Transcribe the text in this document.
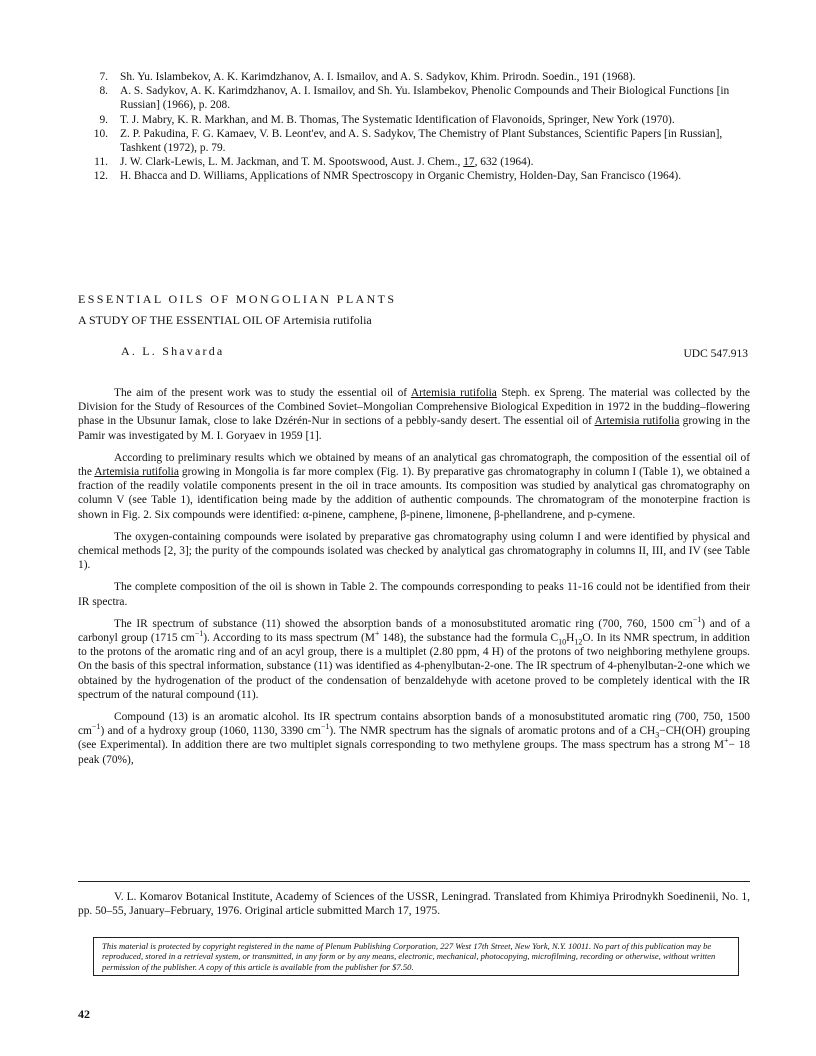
7.	Sh. Yu. Islambekov, A. K. Karimdzhanov, A. I. Ismailov, and A. S. Sadykov, Khim. Prirodn. Soedin., 191 (1968).
8.	A. S. Sadykov, A. K. Karimdzhanov, A. I. Ismailov, and Sh. Yu. Islambekov, Phenolic Compounds and Their Biological Functions [in Russian] (1966), p. 208.
9.	T. J. Mabry, K. R. Markhan, and M. B. Thomas, The Systematic Identification of Flavonoids, Springer, New York (1970).
10.	Z. P. Pakudina, F. G. Kamaev, V. B. Leont'ev, and A. S. Sadykov, The Chemistry of Plant Substances, Scientific Papers [in Russian], Tashkent (1972), p. 79.
11.	J. W. Clark-Lewis, L. M. Jackman, and T. M. Spootswood, Aust. J. Chem., 17, 632 (1964).
12.	H. Bhacca and D. Williams, Applications of NMR Spectroscopy in Organic Chemistry, Holden-Day, San Francisco (1964).
ESSENTIAL OILS OF MONGOLIAN PLANTS
A STUDY OF THE ESSENTIAL OIL OF Artemisia rutifolia
A. L. Shavarda	UDC 547.913

The aim of the present work was to study the essential oil of Artemisia rutifolia Steph. ex Spreng. The material was collected by the Division for the Study of Resources of the Combined Soviet–Mongolian Comprehensive Biological Expedition in 1972 in the budding–flowering phase in the Ubsunur Iamak, close to lake Dzérén-Nur in sections of a pebbly-sandy desert. The essential oil of Artemisia rutifolia growing in the Pamir was investigated by M. I. Goryaev in 1959 [1].

According to preliminary results which we obtained by means of an analytical gas chromatograph, the composition of the essential oil of the Artemisia rutifolia growing in Mongolia is far more complex (Fig. 1). By preparative gas chromatography in column I (Table 1), we obtained a fraction of the readily volatile components present in the oil in trace amounts. Its composition was studied by analytical gas chromatography on column V (see Table 1), identification being made by the addition of authentic compounds. The chromatogram of the monoterpine fraction is shown in Fig. 2. Six compounds were identified: α-pinene, camphene, β-pinene, limonene, β-phellandrene, and p-cymene.

The oxygen-containing compounds were isolated by preparative gas chromatography using column I and were identified by physical and chemical methods [2, 3]; the purity of the compounds isolated was checked by analytical gas chromatography in columns II, III, and IV (see Table 1).

The complete composition of the oil is shown in Table 2. The compounds corresponding to peaks 11-16 could not be identified from their IR spectra.

The IR spectrum of substance (11) showed the absorption bands of a monosubstituted aromatic ring (700, 760, 1500 $cm^{-1}$) and of a carbonyl group (1715 $cm^{-1}$). According to its mass spectrum (M+ 148), the substance had the formula $C_{10}H_{12}O$. In its NMR spectrum, in addition to the protons of the aromatic ring and of an acyl group, there is a multiplet (2.80 ppm, 4 H) of the protons of two neighboring methylene groups. On the basis of this spectral information, substance (11) was identified as 4-phenylbutan-2-one. The IR spectrum of 4-phenylbutan-2-one which we obtained by the hydrogenation of the product of the condensation of benzaldehyde with acetone proved to be completely identical with the IR spectrum of the natural compound (11).

Compound (13) is an aromatic alcohol. Its IR spectrum contains absorption bands of a monosubstituted aromatic ring (700, 750, 1500 $cm^{-1}$) and of a hydroxy group (1060, 1130, 3390 $cm^{-1}$). The NMR spectrum has the signals of aromatic protons and of a $CH_3-CH(OH)$ grouping (see Experimental). In addition there are two multiplet signals corresponding to two methylene groups. The mass spectrum has a strong M+− 18 peak (70%),

V. L. Komarov Botanical Institute, Academy of Sciences of the USSR, Leningrad. Translated from Khimiya Prirodnykh Soedinenii, No. 1, pp. 50–55, January–February, 1976. Original article submitted March 17, 1975.
This material is protected by copyright registered in the name of Plenum Publishing Corporation, 227 West 17th Street, New York, N.Y. 10011. No part of this publication may be reproduced, stored in a retrieval system, or transmitted, in any form or by any means, electronic, mechanical, photocopying, microfilming, recording or otherwise, without written permission of the publisher. A copy of this article is available from the publisher for $7.50.
42
